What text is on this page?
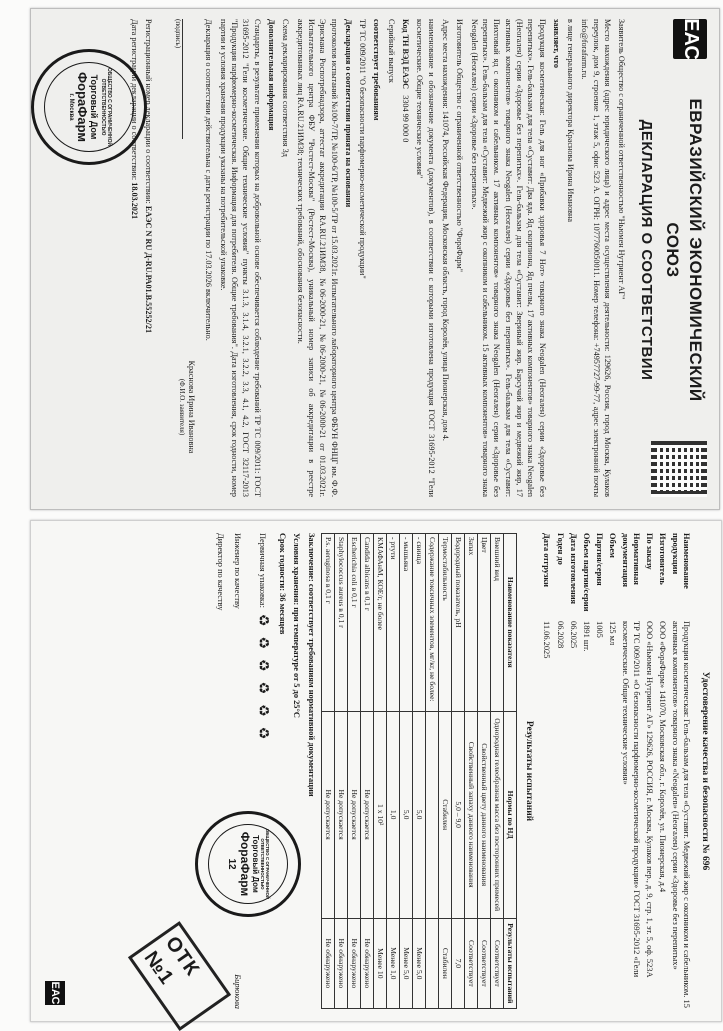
ЕАС
ЕВРАЗИЙСКИЙ ЭКОНОМИЧЕСКИЙ СОЮЗ
ДЕКЛАРАЦИЯ О СООТВЕТСТВИИ
Заявитель Общество с ограниченной ответственностью "Ньюмен Нутриент АГ"
Место нахождения (адрес юридического лица) и адрес места осуществления деятельности: 129626, Россия, город Москва, Кулаков переулок, дом 9, строение 1, этаж 5, офис 523 А. ОГРН: 1077760050011. Номер телефона: +74957727-99-77, адрес электронной почты info@forafarm.ru.
в лице генерального директора Краснова Ирина Ивановна
заявляет, что
Продукция косметическая: Гель для ног «Прибавки здоровья 7 Нот» товарного знака Neogalen (Неогален) серии «Здоровье без перепитых». Гель-бальзам для тела «Суставит: Два яда. Яд скорпиона, Яд пчелы, 17 активных компонентов» товарного знака Neogalen (Неогален) серии «Здоровье без перепитых». Гель-бальзам для тела «Суставит: Звериный жир. Барсучий жир и медвежий жир, 17 активных компонентов» товарного знака Neogalen (Неогален) серии «Здоровье без перепитых». Гель-бальзам для тела «Суставит: Пихтовый яд с окопником и сабельником. 17 активных компонентов» товарного знака Neogalen (Неогален) серии «Здоровье без перепитых». Гель-бальзам для тела «Суставит: Медвежий жир с окопником и сабельником. 15 активных компонентов» товарного знака Neogalen (Неогален) серии «Здоровье без перепитых».
Изготовитель Общество с ограниченной ответственностью "ФораФарм"
Адрес места нахождения: 141074, Российская Федерация, Московская область, город Королёв, улица Пионерская, дом 4.
наименование и обозначение документа (документов), в соответствии с которыми изготовлена продукция ГОСТ 31695-2012 "Гели косметические. Общие технические условия"
Код ТН ВЭД ЕАЭС   3304 99 000 0
Серийный выпуск
соответствует требованиям
ТР ТС 009/2011 "О безопасности парфюмерно-косметической продукции"
Декларация о соответствии принята на основании
протоколов испытаний №100-7/ТР, №100-6/ТР, №100-5/ТР от 15.03.2021г. Испытательного лабораторного центра ФБУН ФНЦГ им. Ф.Ф. Эрисмана Роспотребнадзора, аттестат аккредитации RA.RU.21ИМ38, №06-2000-21, №06-2000-21, №06-2000-21 от 01.03.2021г. Испытательного центра ФБУ "Ростест-Москва" (Ростест-Москва), уникальный номер записи об аккредитации в реестре аккредитованных лиц RA.RU.21ИМ38; технических требований, обоснования безопасности.
Схема декларирования соответствия 3д
Дополнительная информация
Стандарты, в результате применения которых на добровольной основе обеспечивается соблюдение требований ТР ТС 009/2011: ГОСТ 31695-2012 "Гели косметические. Общие технические условия" пункты 3.1.3, 3.1.4, 3.2.1, 3.2.2, 3.3, 4.1, 4.2, ГОСТ 32117-2013 "Продукция парфюмерно-косметическая. Информация для потребителя. Общие требования". Дата изготовления, срок годности, номер партии и условия хранения продукции указаны на потребительской упаковке.
Декларация о соответствии действительна с даты регистрации по 17.03.2026 включительно.
(подпись)
Краснова Ирина Ивановна
(Ф.И.О. заявителя)
Регистрационный номер декларации о соответствии: ЕАЭС N RU Д-RU.РА01.В.55252/21
Дата регистрации декларации о соответствии: 18.03.2021
ОБЩЕСТВО С ОГРАНИЧЕННОЙ ОТВЕТСТВЕННОСТЬЮ
Торговый Дом
ФораФарм
г. Москва
Удостоверение качества и безопасности № 696
Наименование продукции
Продукция косметическая: Гель-бальзам для тела «Суставит. Медвежий жир с окопником и сабельником. 15 активных компонентов» товарного знака «Neogalen» (Неогален) серии «Здоровье без перепитых»
Изготовитель
ООО «ФораФарм» 141070, Московская обл., г. Королёв, ул. Пионерская, д.4
По заказу
ООО «Ньюмен Нутриент АГ» 129626, РОССИЯ, г. Москва, Кулаков пер., д. 9, стр. 1, эт. 5, оф. 523А
Нормативная документация
ТР ТС 009/2011 «О безопасности парфюмерно-косметической продукции» ГОСТ 31695-2012 «Гели косметические. Общие технические условия»
Объем
125 мл
Партия/серия
1005
Объем партии/серии
1891 шт.
Дата изготовления
06.2025
Годен до
06.2028
Дата отгрузки
11.06.2025
Результаты испытаний
Наименование показателя	Нормы по НД	Результаты испытаний
Внешний вид	Однородная гелеобразная масса без посторонних примесей	Соответствует
Цвет	Свойственный цвету данного наименования	Соответствует
Запах	Свойственный запаху данного наименования	Соответствует
Водородный показатель, pH	5,0 – 9,0	7,0
Термостабильность	Стабилен	Стабилен
Содержание токсичных элементов, мг/кг, не более:		
- свинца	5,0	Менее 5,0
- мышьяка	5,0	Менее 5,0
- ртути	1,0	Менее 1,0
КМАФАнМ, КОЕ/г, не более	1 х 10³	Менее 10
Candida albicans в 0,1 г	Не допускается	Не обнаружено
Escherichia coli в 0,1 г	Не допускается	Не обнаружено
Staphylococcus aureus в 0,1 г	Не допускается	Не обнаружено
P.s. aeruginosa в 0,1 г	Не допускается	Не обнаружено
Заключение: соответствует требованиям нормативной документации
Условия хранения: при температуре от 5 до 25°С
Срок годности: 36 месяцев
Первичная упаковка:
♻
♻
♻
♻
♻
♻
Инженер по качеству
Бирюкова
Директор по качеству
ЕАС
ОБЩЕСТВО С ОГРАНИЧЕННОЙ ОТВЕТСТВЕННОСТЬЮ
Торговый Дом
ФораФарм
12
ОТК №1
